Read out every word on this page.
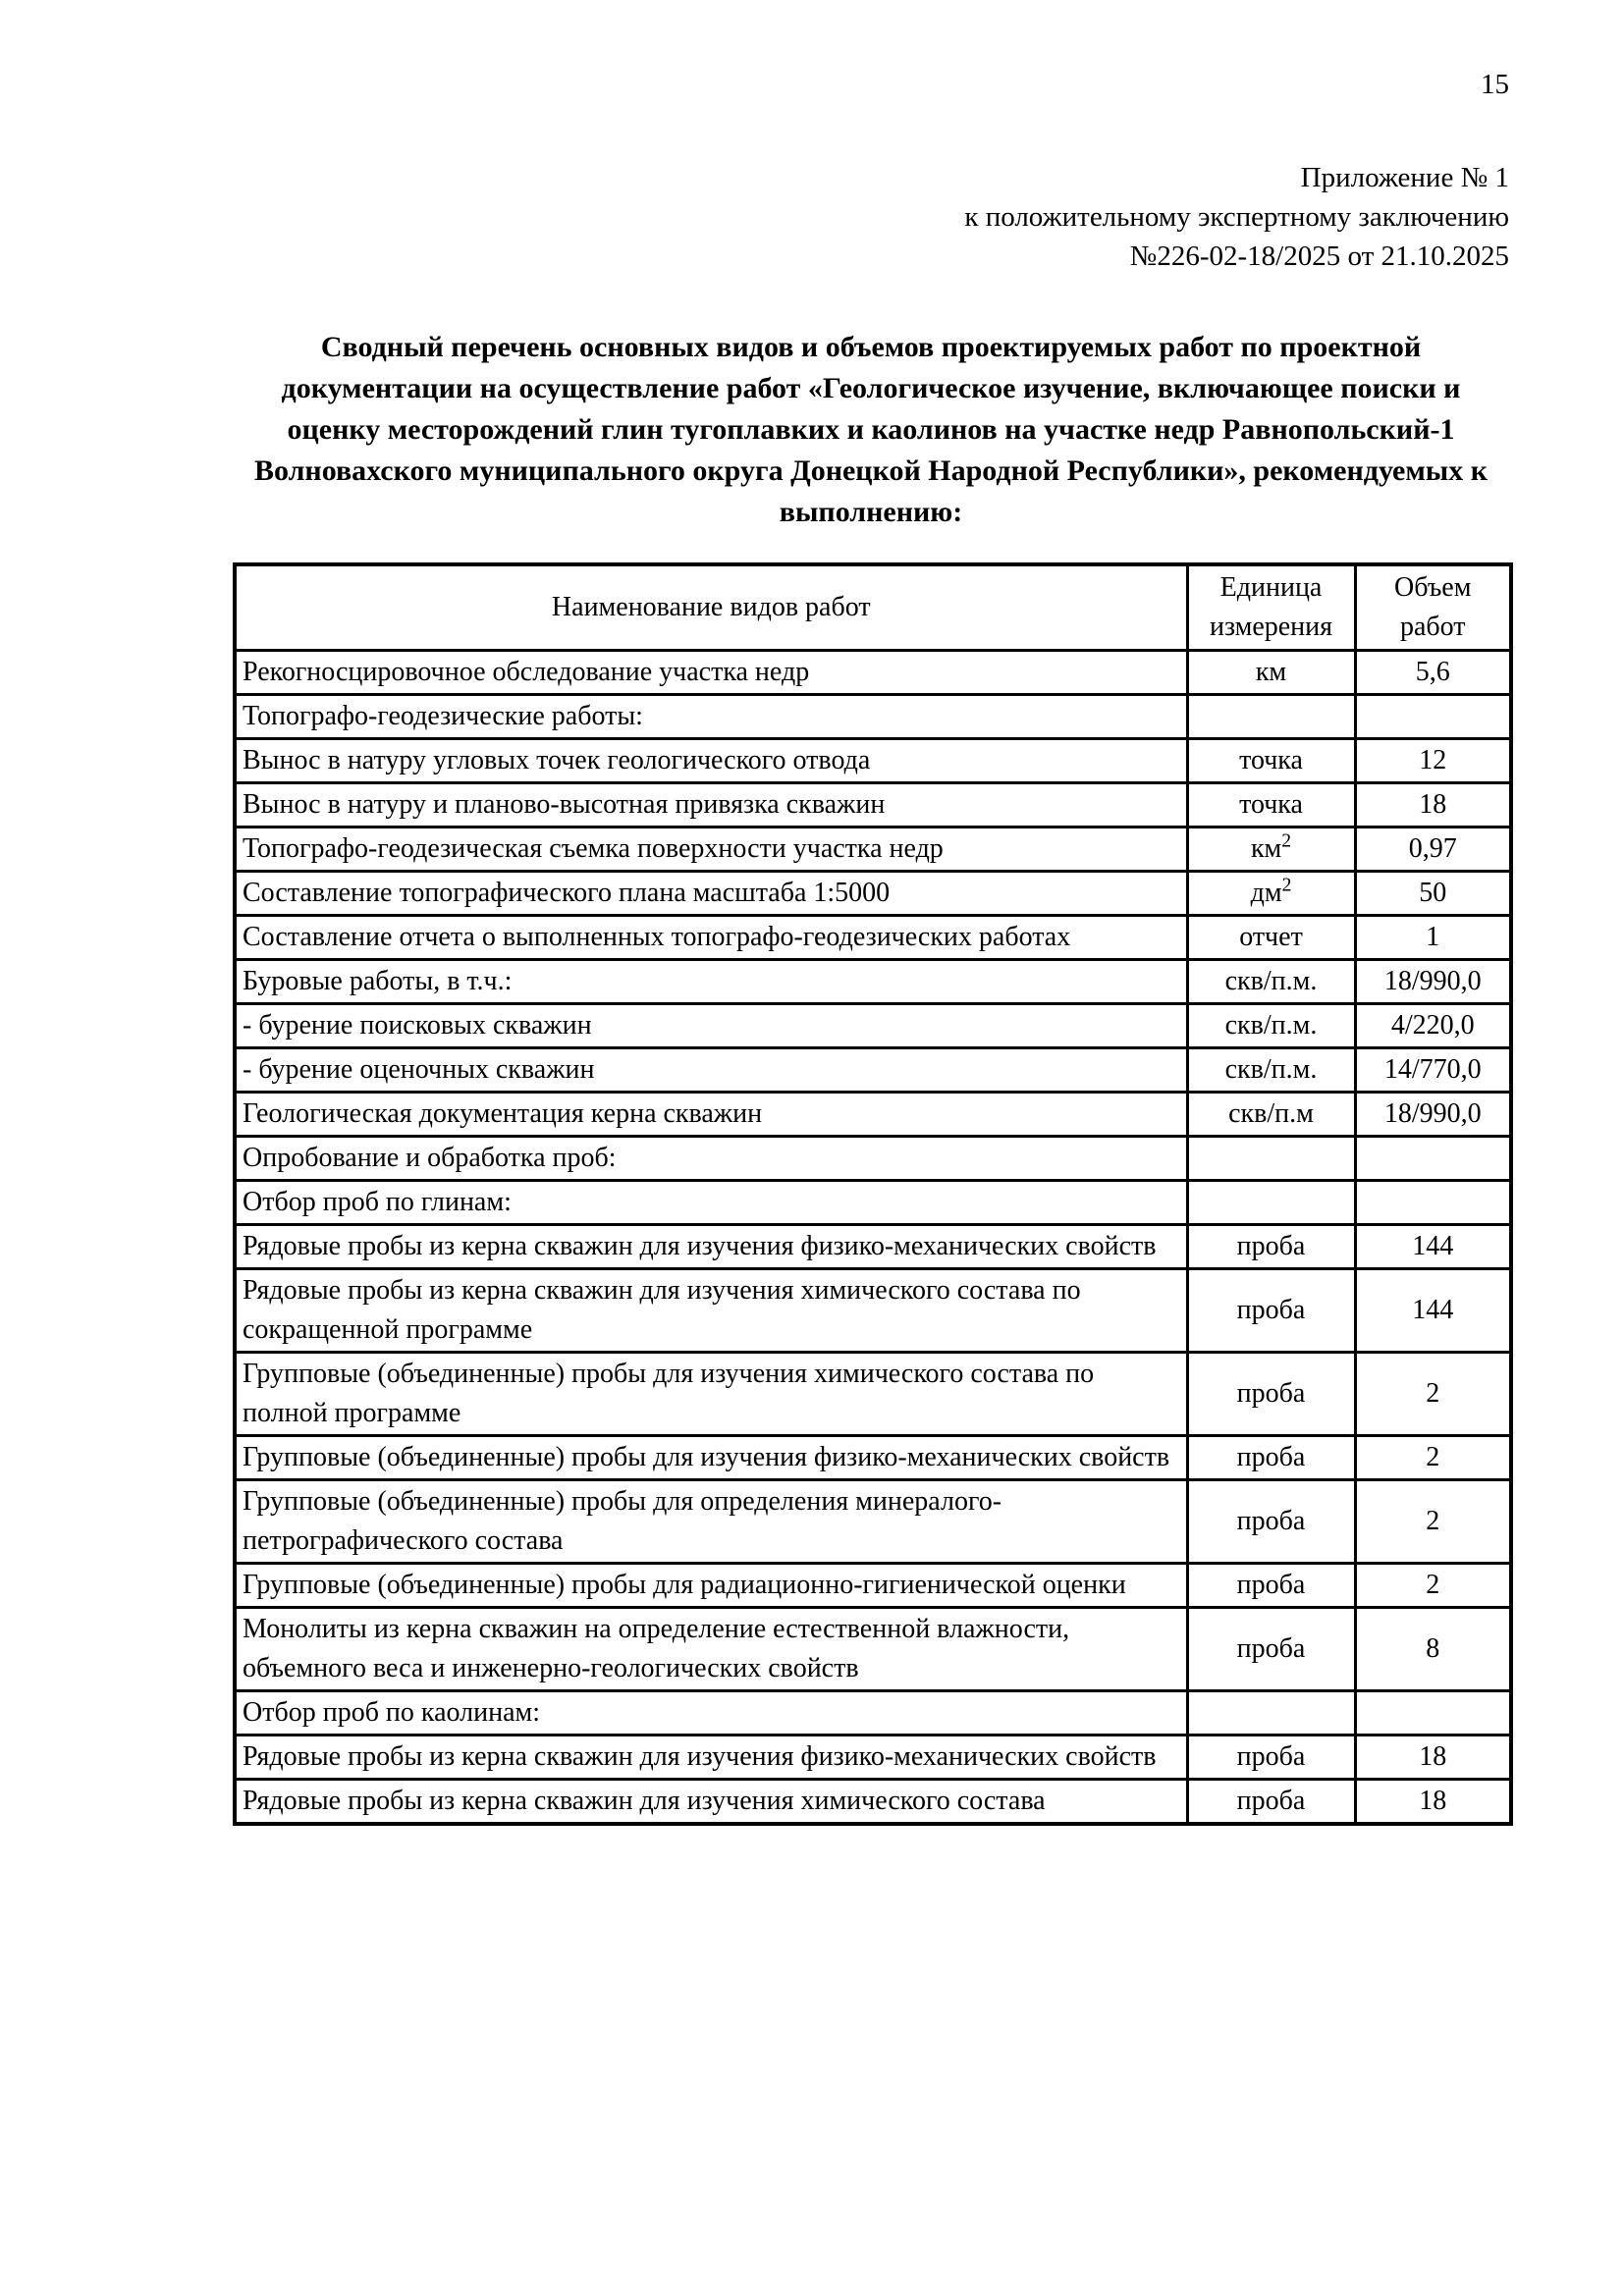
15
Приложение № 1
к положительному экспертному заключению
№226-02-18/2025 от 21.10.2025
Сводный перечень основных видов и объемов проектируемых работ по проектной документации на осуществление работ «Геологическое изучение, включающее поиски и оценку месторождений глин тугоплавких и каолинов на участке недр Равнопольский-1 Волновахского муниципального округа Донецкой Народной Республики», рекомендуемых к выполнению:
Наименование видов работ	Единица измерения	Объем работ
Рекогносцировочное обследование участка недр	км	5,6
Топографо-геодезические работы:		
Вынос в натуру угловых точек геологического отвода	точка	12
Вынос в натуру и планово-высотная привязка скважин	точка	18
Топографо-геодезическая съемка поверхности участка недр	$км^2$	0,97
Составление топографического плана масштаба 1:5000	$дм^2$	50
Составление отчета о выполненных топографо-геодезических работах	отчет	1
Буровые работы, в т.ч.:	скв/п.м.	18/990,0
- бурение поисковых скважин	скв/п.м.	4/220,0
- бурение оценочных скважин	скв/п.м.	14/770,0
Геологическая документация керна скважин	скв/п.м	18/990,0
Опробование и обработка проб:		
Отбор проб по глинам:		
Рядовые пробы из керна скважин для изучения физико-механических свойств	проба	144
Рядовые пробы из керна скважин для изучения химического состава по сокращенной программе	проба	144
Групповые (объединенные) пробы для изучения химического состава по полной программе	проба	2
Групповые (объединенные) пробы для изучения физико-механических свойств	проба	2
Групповые (объединенные) пробы для определения минералого-петрографического состава	проба	2
Групповые (объединенные) пробы для радиационно-гигиенической оценки	проба	2
Монолиты из керна скважин на определение естественной влажности, объемного веса и инженерно-геологических свойств	проба	8
Отбор проб по каолинам:		
Рядовые пробы из керна скважин для изучения физико-механических свойств	проба	18
Рядовые пробы из керна скважин для изучения химического состава	проба	18
